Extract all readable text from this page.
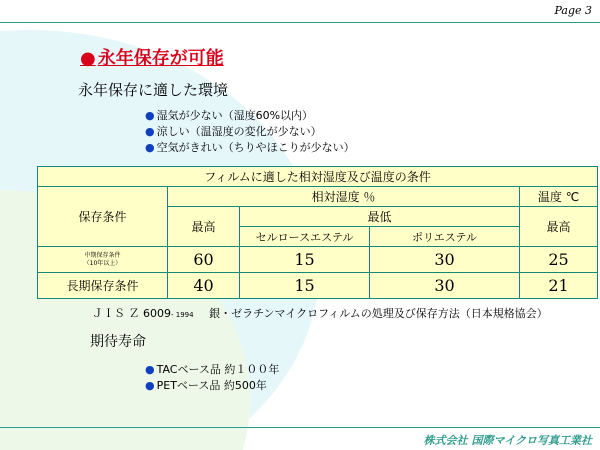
Page 3
● 永年保存が可能
永年保存に適した環境
● 湿気が少ない（湿度60%以内）
● 涼しい（温湿度の変化が少ない）
● 空気がきれい（ちりやほこりが少ない）
フィルムに適した相対湿度及び温度の条件				
保存条件	相対湿度 ％			温度 ℃
	最高	最低		最高
		セルロースエステル	ポリエステル	

中期保存条件
（10年以上）	60	15	30	25
長期保存条件	40	15	30	21
ＪＩＳ Ｚ 6009- 1994 銀・ゼラチンマイクロフィルムの処理及び保存方法（日本規格協会）
期待寿命
● TACベース品 約１００年
● PETベース品 約500年
株式会社 国際マイクロ写真工業社
